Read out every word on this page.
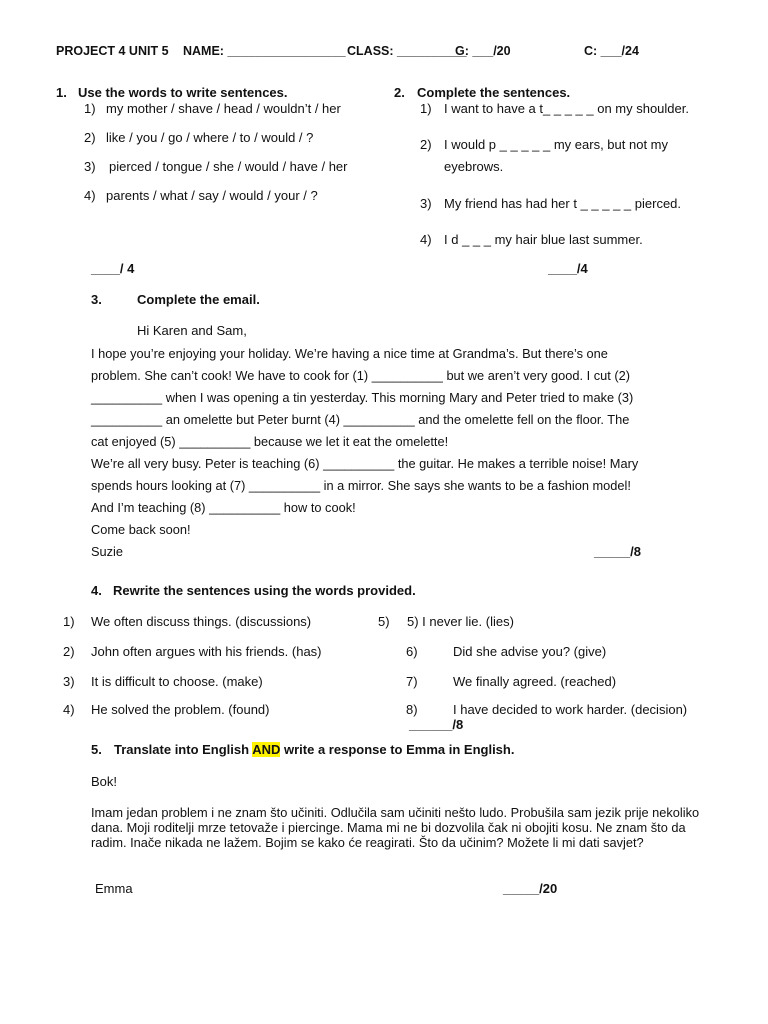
PROJECT 4 UNIT 5 NAME: _________________ CLASS: __________
G: ___/20	C: ___/24
1. Use the words to write sentences.
1) my mother / shave / head / wouldn’t / her
2) like / you / go / where / to / would / ?
3) pierced / tongue / she / would / have / her
4) parents / what / say / would / your / ?
____/ 4
2. Complete the sentences.
1) I want to have a t_ _ _ _ _ on my shoulder.
2) I would p _ _ _ _ _ my ears, but not my
eyebrows.
3) My friend has had her t _ _ _ _ _ pierced.
4) I d _ _ _ my hair blue last summer.
____/4
3.	Complete the email.
Hi Karen and Sam,
I hope you’re enjoying your holiday. We’re having a nice time at Grandma’s. But there’s one
problem. She can’t cook! We have to cook for (1) __________ but we aren’t very good. I cut (2)
__________ when I was opening a tin yesterday. This morning Mary and Peter tried to make (3)
__________ an omelette but Peter burnt (4) __________ and the omelette fell on the floor. The
cat enjoyed (5) __________ because we let it eat the omelette!
We’re all very busy. Peter is teaching (6) __________ the guitar. He makes a terrible noise! Mary
spends hours looking at (7) __________ in a mirror. She says she wants to be a fashion model!
And I’m teaching (8) __________ how to cook!
Come back soon!
Suzie	_____/8
4. Rewrite the sentences using the words provided.
1) We often discuss things. (discussions)
2) John often argues with his friends. (has)
3) It is difficult to choose. (make)
4) He solved the problem. (found)
5) 5) I never lie. (lies)
6)	Did she advise you? (give)
7)	We finally agreed. (reached)
8)	I have decided to work harder. (decision)
______/8
5. Translate into English AND write a response to Emma in English.
Bok!
Imam jedan problem i ne znam što učiniti. Odlučila sam učiniti nešto ludo. Probušila sam jezik prije nekoliko dana. Moji roditelji mrze tetovaže i piercinge. Mama mi ne bi dozvolila čak ni obojiti kosu. Ne znam što da radim. Inače nikada ne lažem. Bojim se kako će reagirati. Što da učinim? Možete li mi dati savjet?
Emma	_____/20
